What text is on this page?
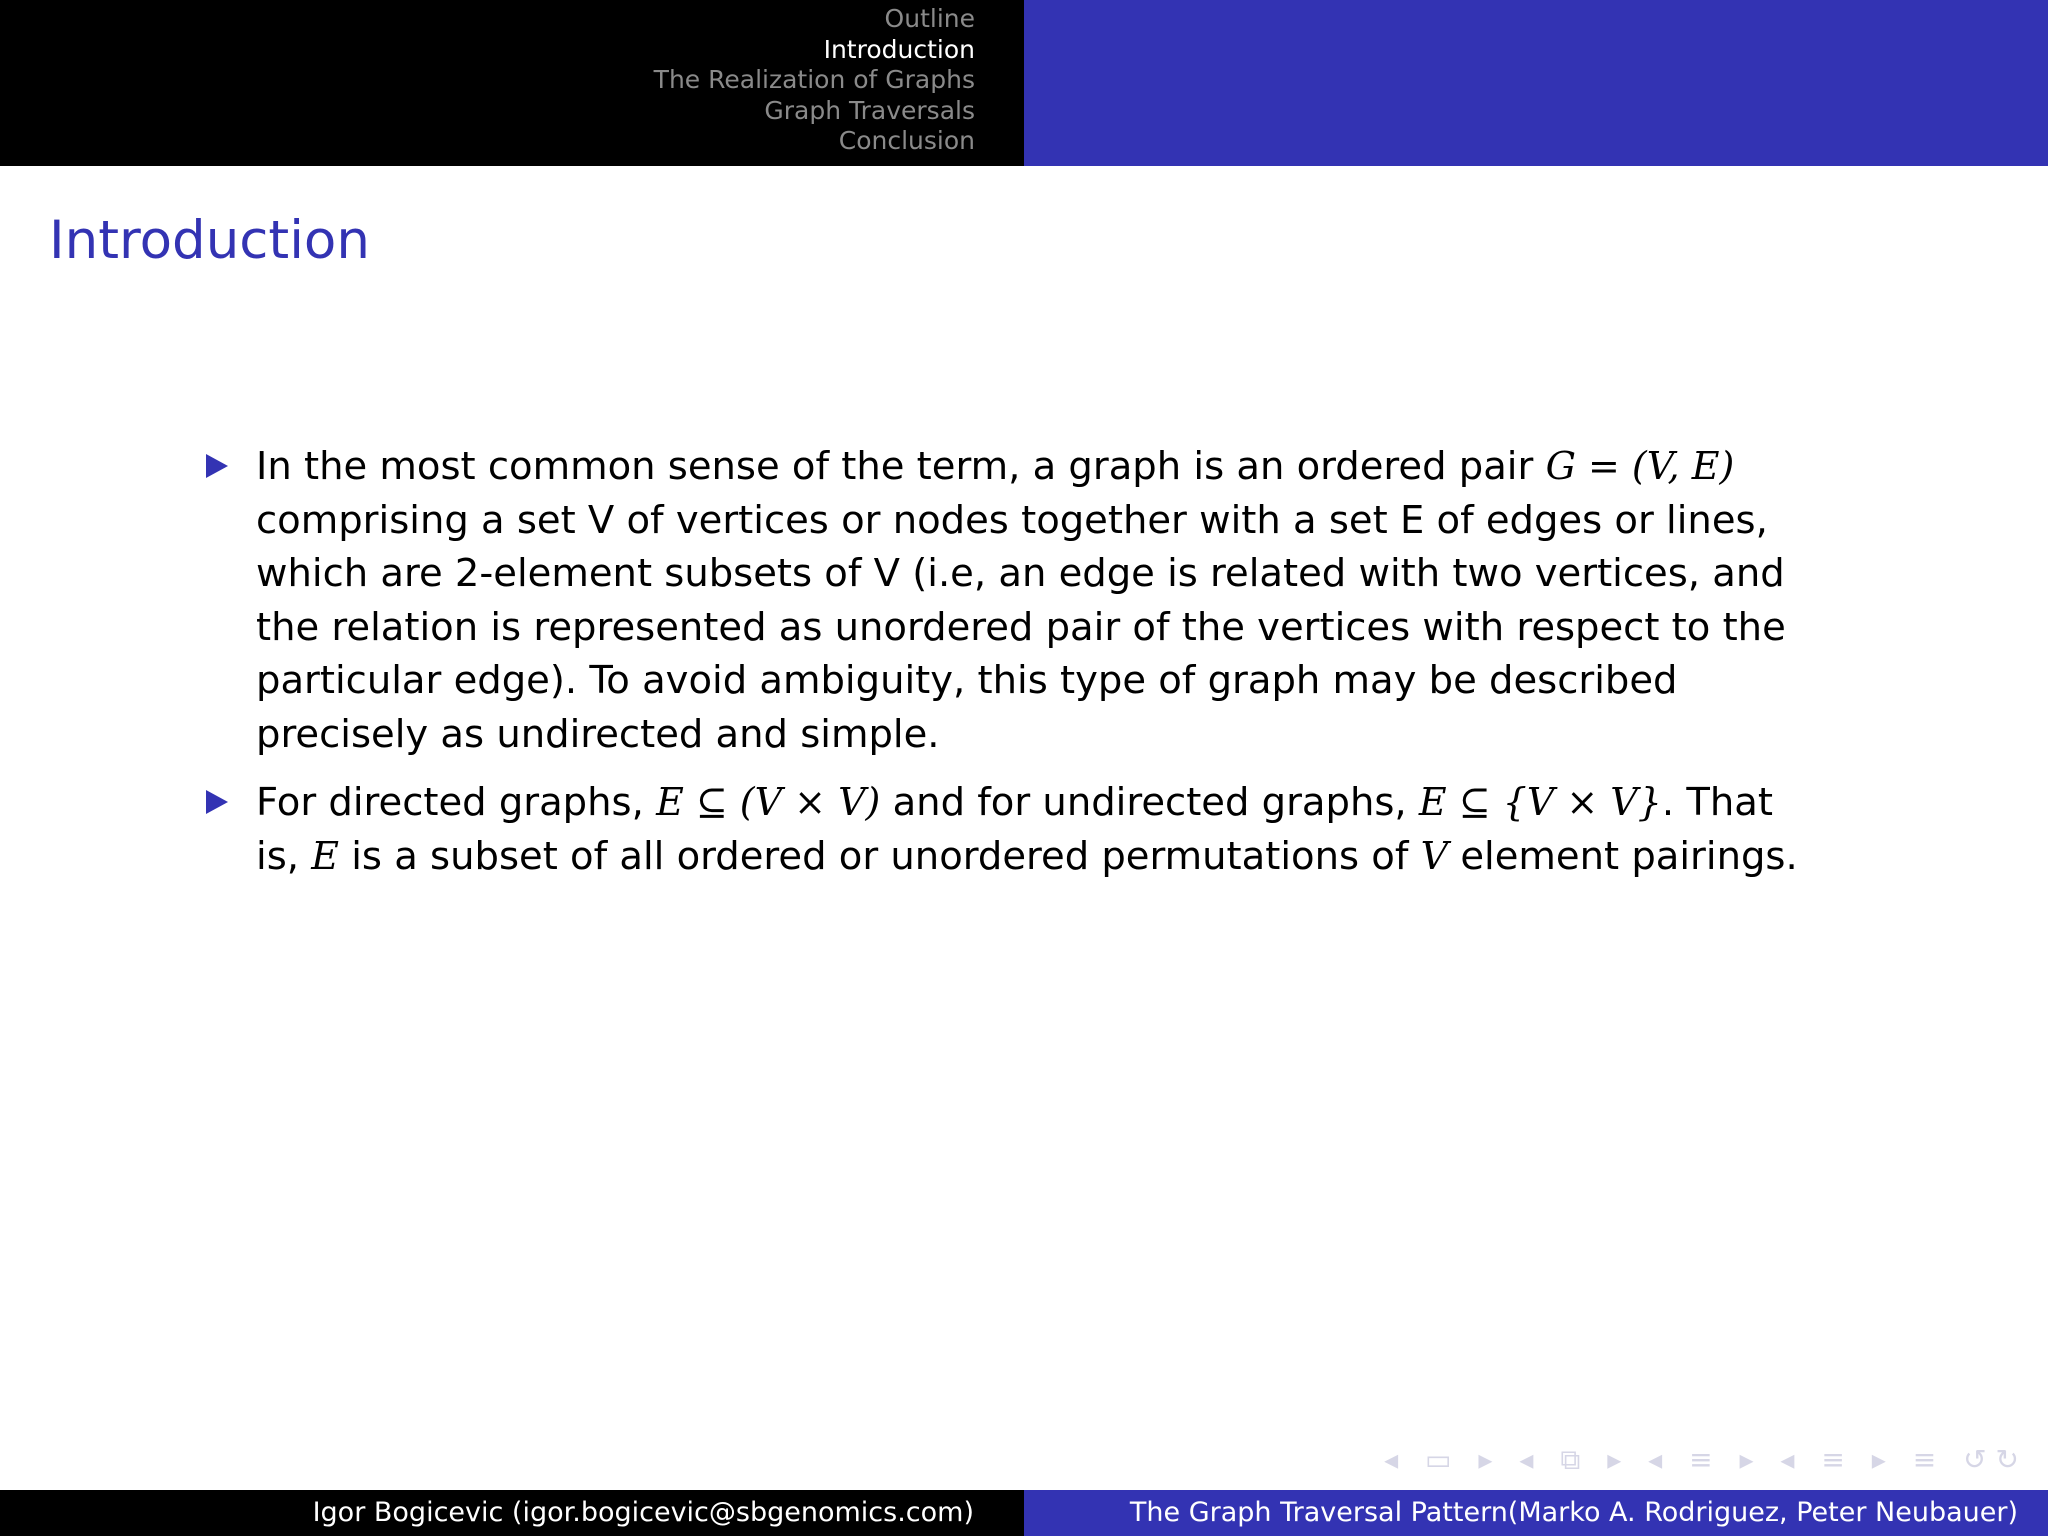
Outline
Introduction
The Realization of Graphs
Graph Traversals
Conclusion
Introduction
In the most common sense of the term, a graph is an ordered pair G = (V, E)
comprising a set V of vertices or nodes together with a set E of edges or lines,
which are 2-element subsets of V (i.e, an edge is related with two vertices, and
the relation is represented as unordered pair of the vertices with respect to the
particular edge). To avoid ambiguity, this type of graph may be described
precisely as undirected and simple.
For directed graphs, E ⊆ (V × V) and for undirected graphs, E ⊆ {V × V}. That
is, E is a subset of all ordered or unordered permutations of V element pairings.
◂ ▭ ▸ ◂ ⧉ ▸ ◂ ≡ ▸ ◂ ≡ ▸ ≡ ↺↻
Igor Bogicevic (igor.bogicevic@sbgenomics.com)	The Graph Traversal Pattern(Marko A. Rodriguez, Peter Neubauer)
